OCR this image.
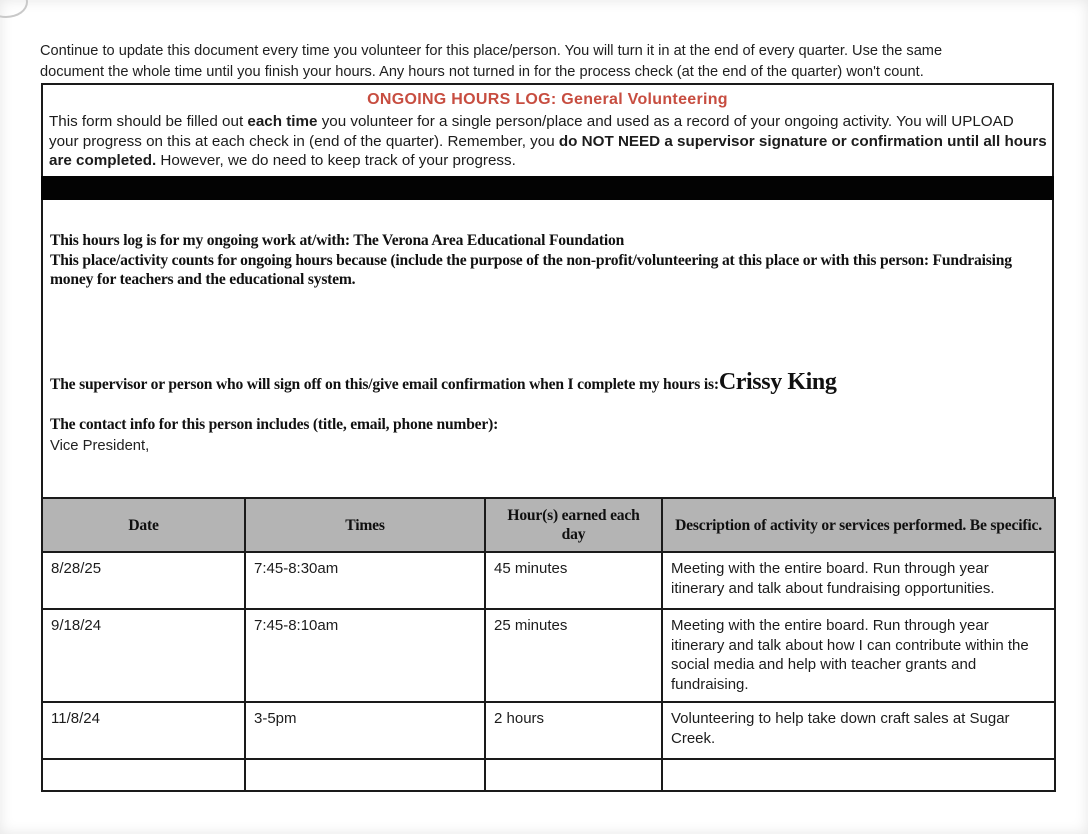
Continue to update this document every time you volunteer for this place/person. You will turn it in at the end of every quarter. Use the same
document the whole time until you finish your hours. Any hours not turned in for the process check (at the end of the quarter) won't count.
ONGOING HOURS LOG: General Volunteering
This form should be filled out each time you volunteer for a single person/place and used as a record of your ongoing activity. You will UPLOAD your progress on this at each check in (end of the quarter). Remember, you do NOT NEED a supervisor signature or confirmation until all hours are completed. However, we do need to keep track of your progress.
This hours log is for my ongoing work at/with: The Verona Area Educational Foundation
This place/activity counts for ongoing hours because (include the purpose of the non-profit/volunteering at this place or with this person: Fundraising money for teachers and the educational system.
The supervisor or person who will sign off on this/give email confirmation when I complete my hours is:Crissy King
The contact info for this person includes (title, email, phone number):
Vice President,
Date	Times	Hour(s) earned each day	Description of activity or services performed. Be specific.
8/28/25	7:45-8:30am	45 minutes	Meeting with the entire board. Run through year itinerary and talk about fundraising opportunities.
9/18/24	7:45-8:10am	25 minutes	Meeting with the entire board. Run through year itinerary and talk about how I can contribute within the social media and help with teacher grants and fundraising.
11/8/24	3-5pm	2 hours	Volunteering to help take down craft sales at Sugar Creek.
